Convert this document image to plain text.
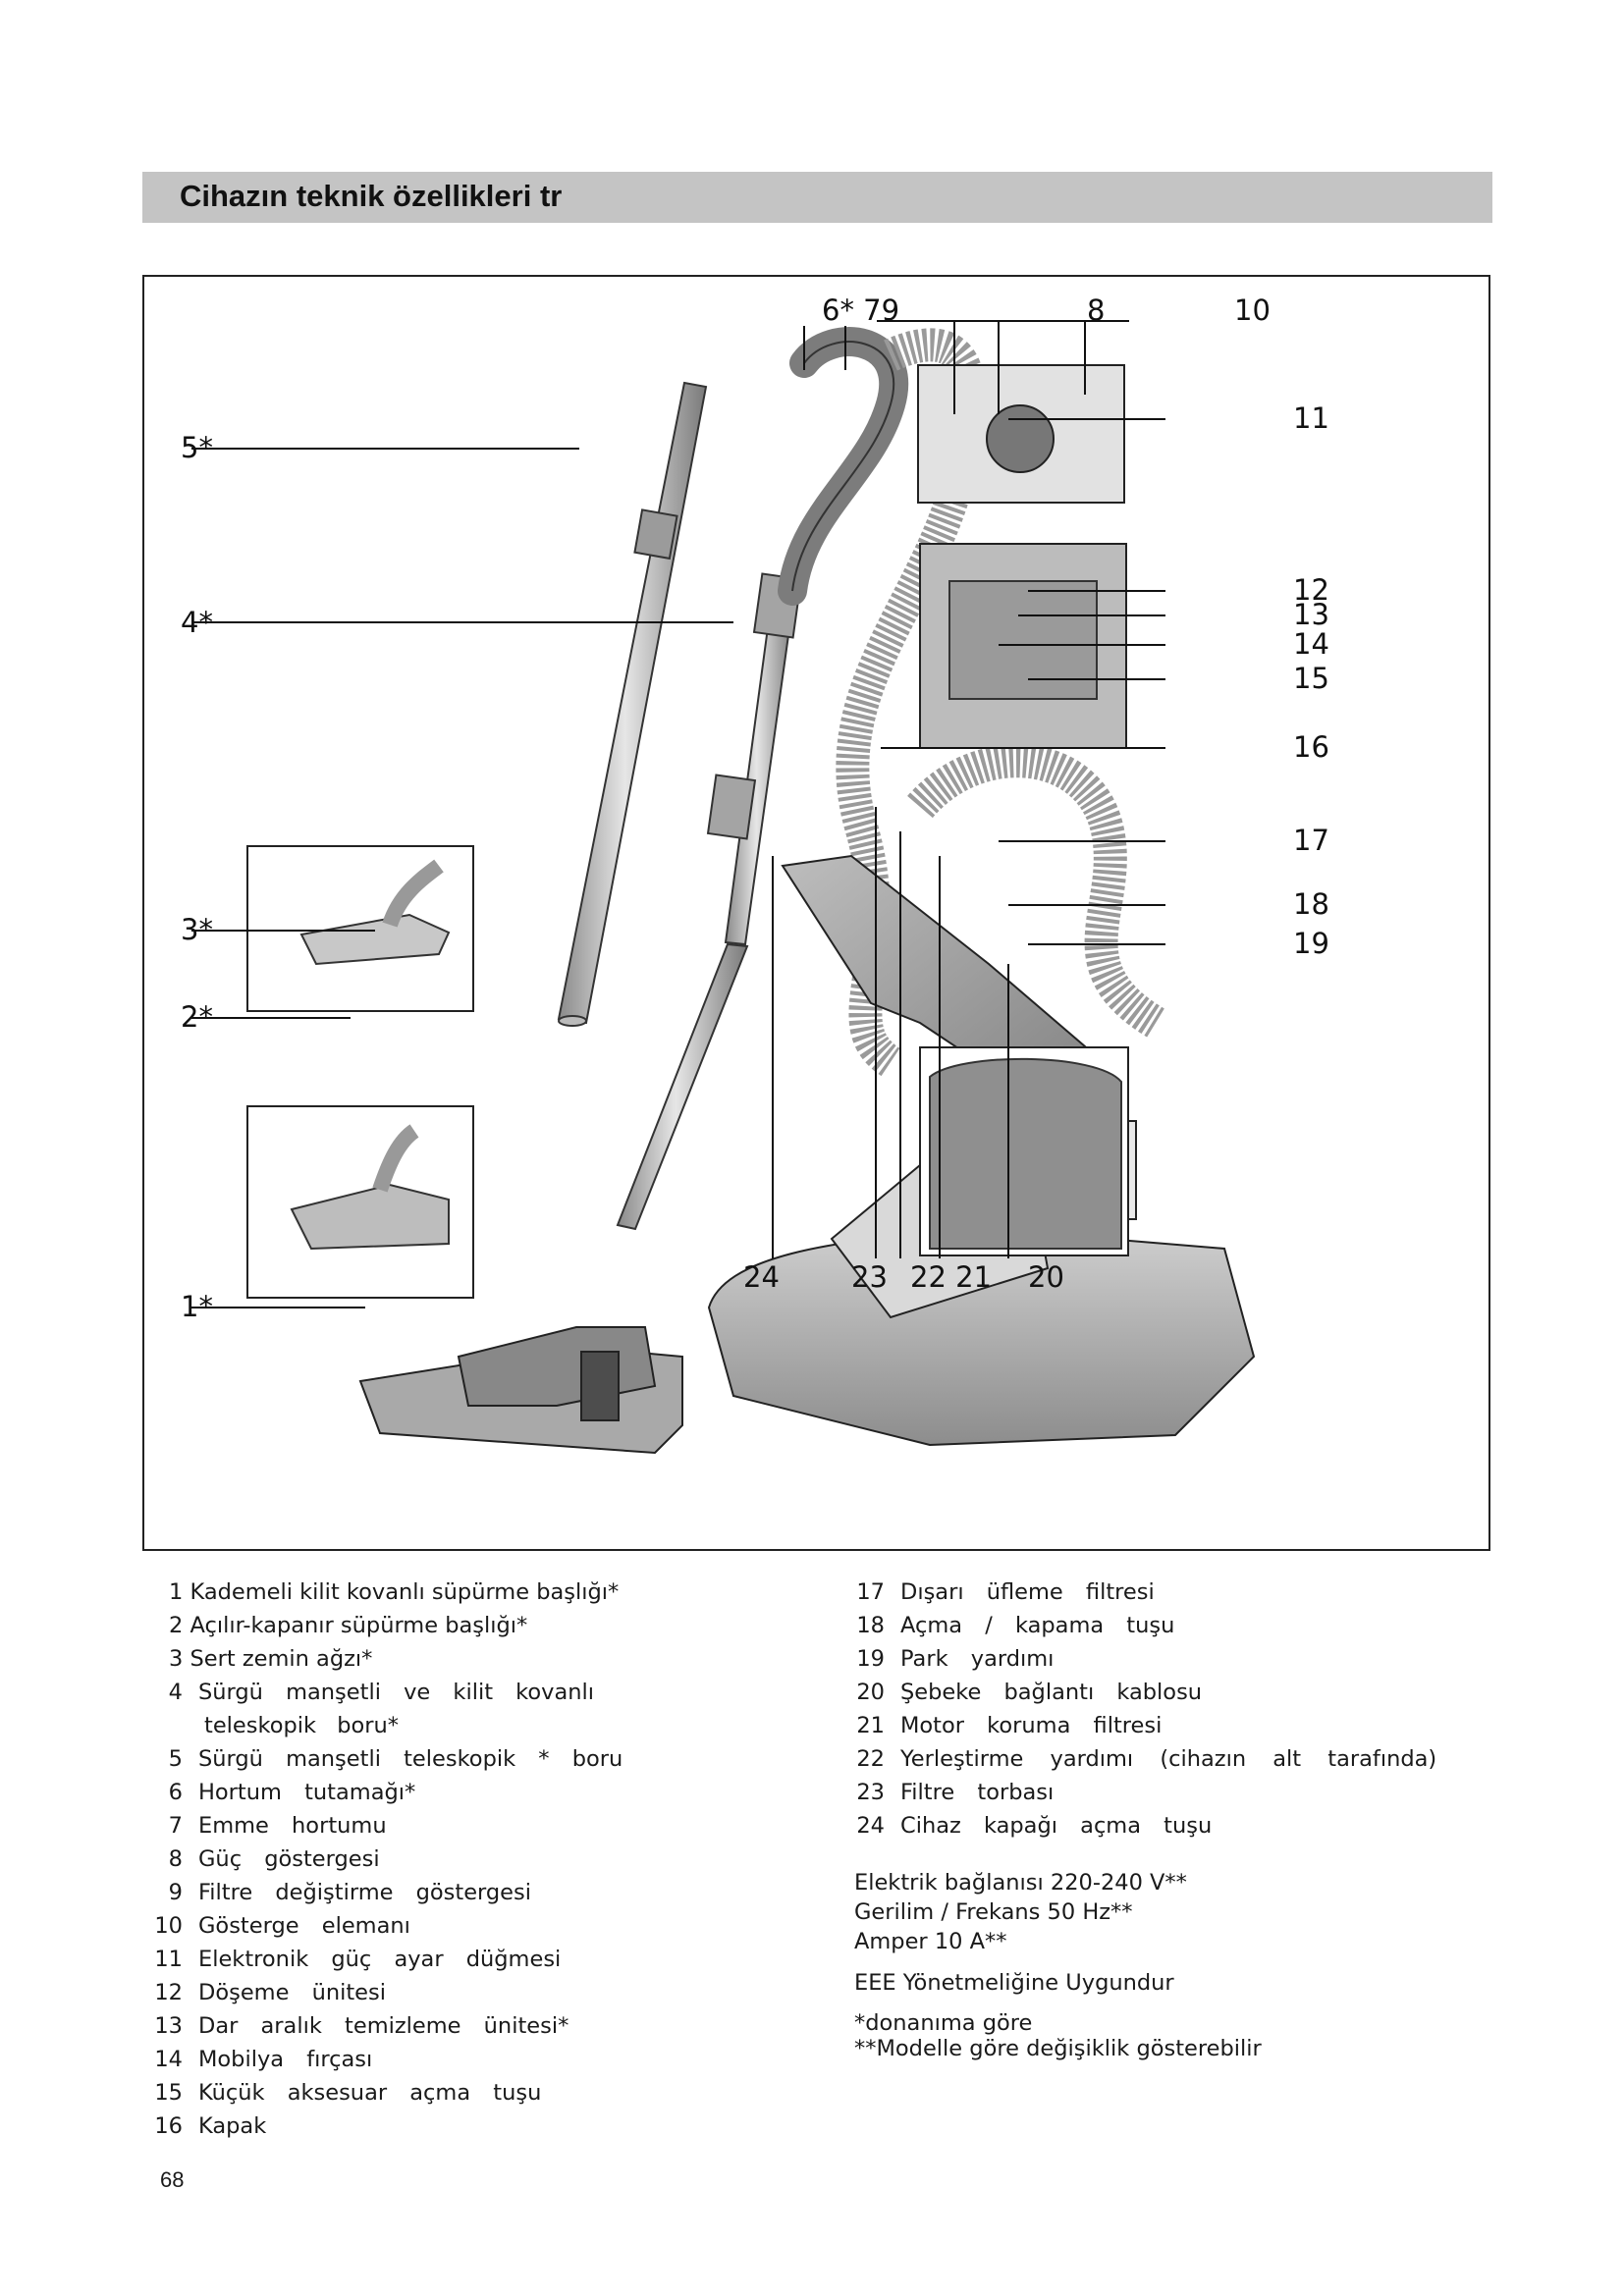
Cihazın teknik özellikleri tr
5*
4*
3*
2*
1*
6* 79	8	10
11
12
13
14
15
16
17
18
19
24	23 22 21 20
1 Kademeli kilit kovanlı süpürme başlığı*
2 Açılır-kapanır süpürme başlığı*
3 Sert zemin ağzı*
4 Sürgü manşetli ve kilit kovanlı
teleskopik boru*
5 Sürgü manşetli teleskopik * boru
6 Hortum tutamağı*
7 Emme hortumu
8 Güç göstergesi
9 Filtre değiştirme göstergesi
10 Gösterge elemanı
11 Elektronik güç ayar düğmesi
12 Döşeme ünitesi
13 Dar aralık temizleme ünitesi*
14 Mobilya fırçası
15 Küçük aksesuar açma tuşu
16 Kapak
17 Dışarı üfleme filtresi
18 Açma / kapama tuşu
19 Park yardımı
20 Şebeke bağlantı kablosu
21 Motor koruma filtresi
22 Yerleştirme yardımı (cihazın alt tarafında)
23 Filtre torbası
24 Cihaz kapağı açma tuşu
Elektrik bağlanısı 220-240 V**
Gerilim / Frekans 50 Hz**
Amper 10 A**
EEE Yönetmeliğine Uygundur
*donanıma göre
**Modelle göre değişiklik gösterebilir
68
